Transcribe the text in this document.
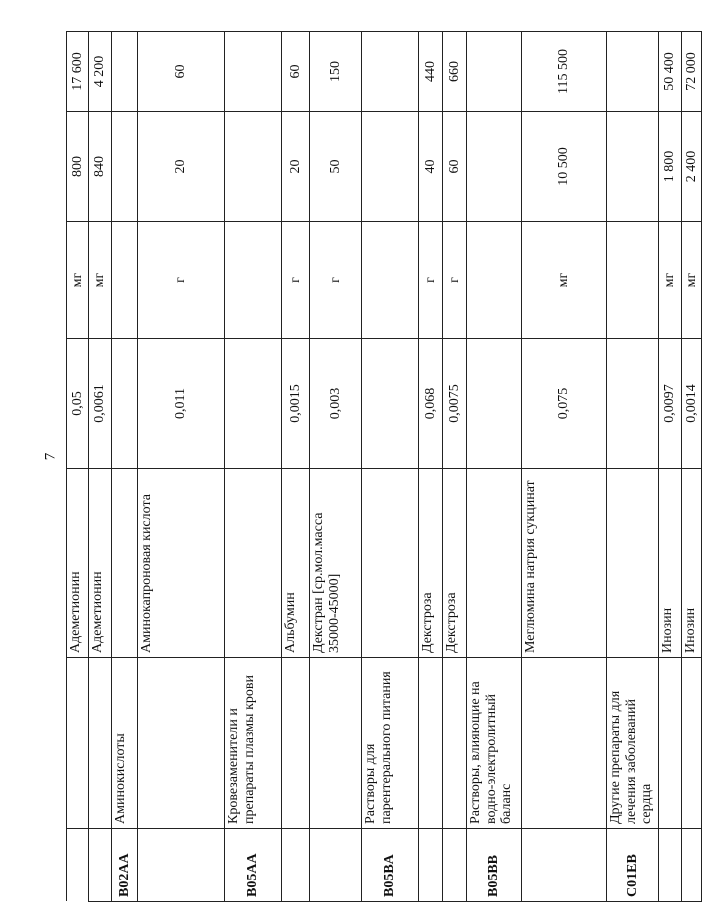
7
		Адеметионин	0,05	мг	800	17 600
		Адеметионин	0,0061	мг	840	4 200
B02AA	Аминокислоты					
		Аминокапроновая кислота	0,011	г	20	60
B05AA	Кровезаменители и препараты плазмы крови					
		Альбумин	0,0015	г	20	60
		Декстран [ср.мол.масса 35000-45000]	0,003	г	50	150
B05BA	Растворы для парентерального питания					
		Декстроза	0,068	г	40	440
		Декстроза	0,0075	г	60	660
B05BB	Растворы, влияющие на водно-электролитный баланс					
		Меглюмина натрия сукцинат	0,075	мг	10 500	115 500
C01EB	Другие препараты для лечения заболеваний сердца					
		Инозин	0,0097	мг	1 800	50 400
		Инозин	0,0014	мг	2 400	72 000
